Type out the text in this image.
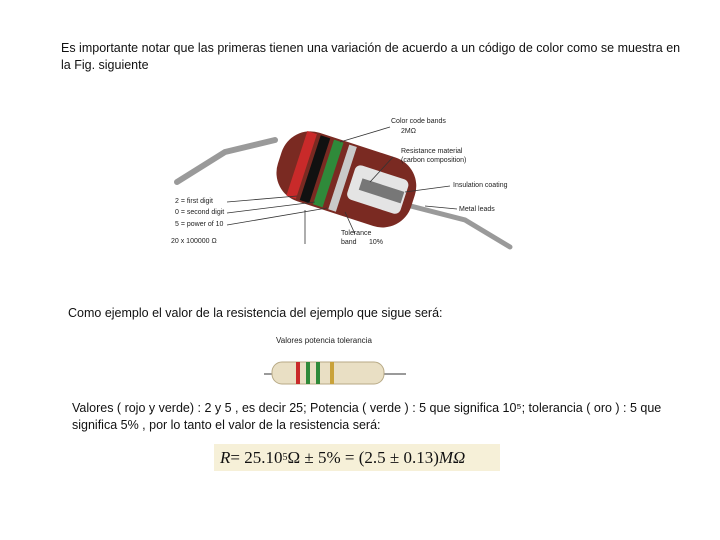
Es importante notar que las primeras tienen una variación de acuerdo a un código de color como se muestra en la Fig. siguiente
Color code bands
2MΩ
Resistance material
(carbon composition)
Insulation coating
Metal leads
2 = first digit
0 = second digit
5 = power of 10
Tolerance
band 10%
20 x 100000 Ω
Como ejemplo el valor de la resistencia del ejemplo que sigue será:
Valores potencia tolerancia
Valores ( rojo y verde) : 2 y 5 , es decir 25; Potencia ( verde ) : 5 que significa 10⁵; tolerancia ( oro ) : 5 que significa 5% , por lo tanto el valor de la resistencia será:
R = 25.10 5 Ω ± 5% = (2.5 ± 0.13) MΩ
